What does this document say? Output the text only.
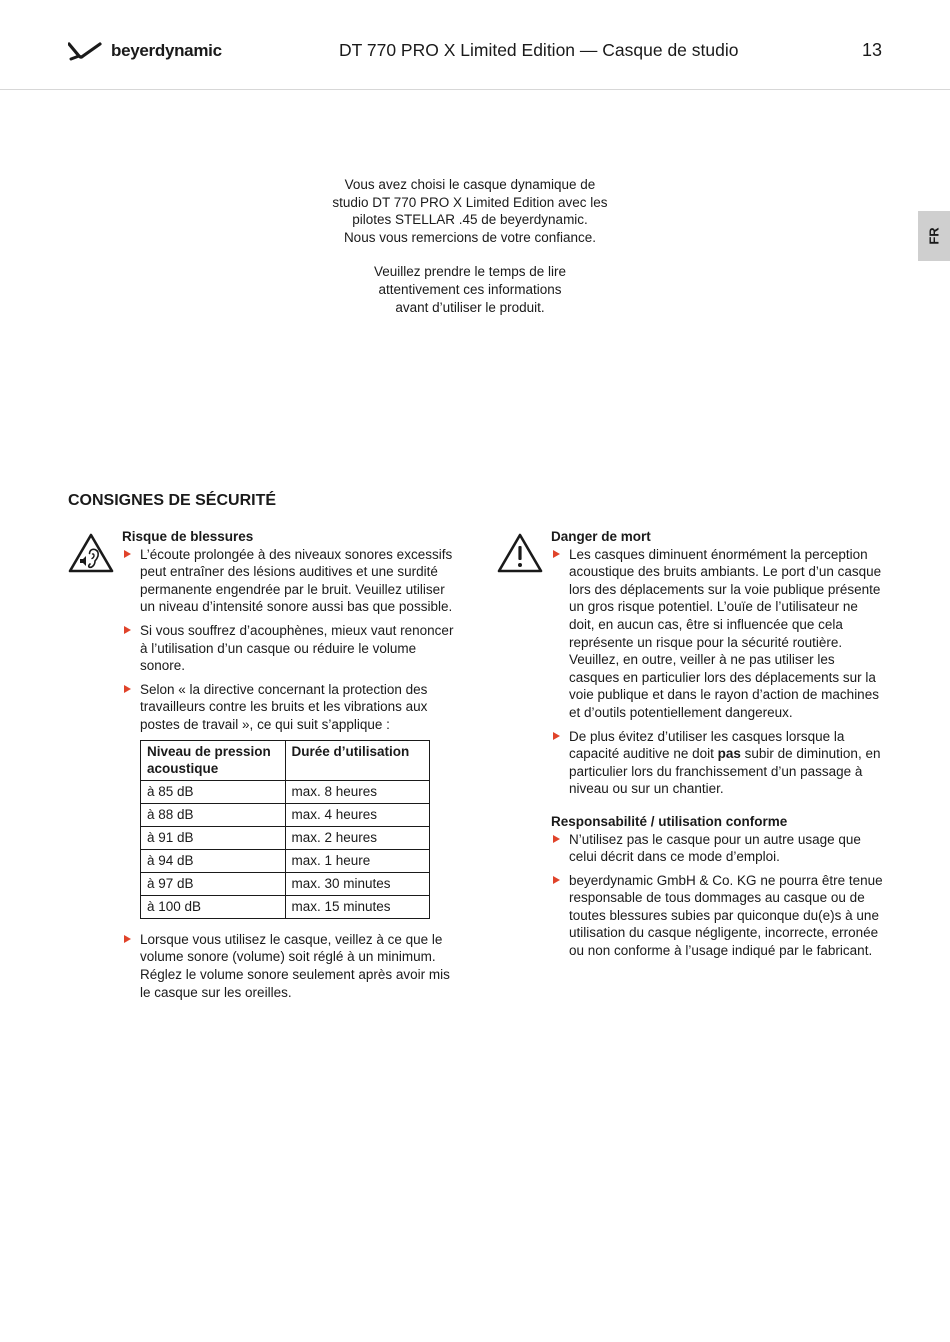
beyerdynamic	DT 770 PRO X Limited Edition — Casque de studio	13
FR

Vous avez choisi le casque dynamique de
studio DT 770 PRO X Limited Edition avec les
pilotes STELLAR .45 de beyerdynamic.
Nous vous remercions de votre confiance.

Veuillez prendre le temps de lire
attentivement ces informations
avant d’utiliser le produit.

CONSIGNES DE SÉCURITÉ

Risque de blessures

L’écoute prolongée à des niveaux sonores excessifs peut entraîner des lésions auditives et une surdité permanente engendrée par le bruit. Veuillez utiliser un niveau d’intensité sonore aussi bas que possible.
Si vous souffrez d’acouphènes, mieux vaut renoncer à l’utilisation d’un casque ou réduire le volume sonore.
Selon « la directive concernant la protection des travailleurs contre les bruits et les vibrations aux postes de travail », ce qui suit s’applique :
Niveau de pression acoustique	Durée d’utilisation
à 85 dB	max. 8 heures
à 88 dB	max. 4 heures
à 91 dB	max. 2 heures
à 94 dB	max. 1 heure
à 97 dB	max. 30 minutes
à 100 dB	max. 15 minutes
Lorsque vous utilisez le casque, veillez à ce que le volume sonore (volume) soit réglé à un minimum. Réglez le volume sonore seulement après avoir mis le casque sur les oreilles.

Danger de mort

Les casques diminuent énormément la perception acoustique des bruits ambiants. Le port d’un casque lors des déplacements sur la voie publique présente un gros risque potentiel. L’ouïe de l’utilisateur ne doit, en aucun cas, être si influencée que cela représente un risque pour la sécurité routière. Veuillez, en outre, veiller à ne pas utiliser les casques en particulier lors des déplacements sur la voie publique et dans le rayon d’action de machines et d’outils potentiellement dangereux.
De plus évitez d’utiliser les casques lorsque la capacité auditive ne doit pas subir de diminution, en particulier lors du franchissement d’un passage à niveau ou sur un chantier.

Responsabilité / utilisation conforme

N’utilisez pas le casque pour un autre usage que celui décrit dans ce mode d’emploi.
beyerdynamic GmbH & Co. KG ne pourra être tenue responsable de tous dommages au casque ou de toutes blessures subies par quiconque du(e)s à une utilisation du casque négligente, incorrecte, erronée ou non conforme à l’usage indiqué par le fabricant.
